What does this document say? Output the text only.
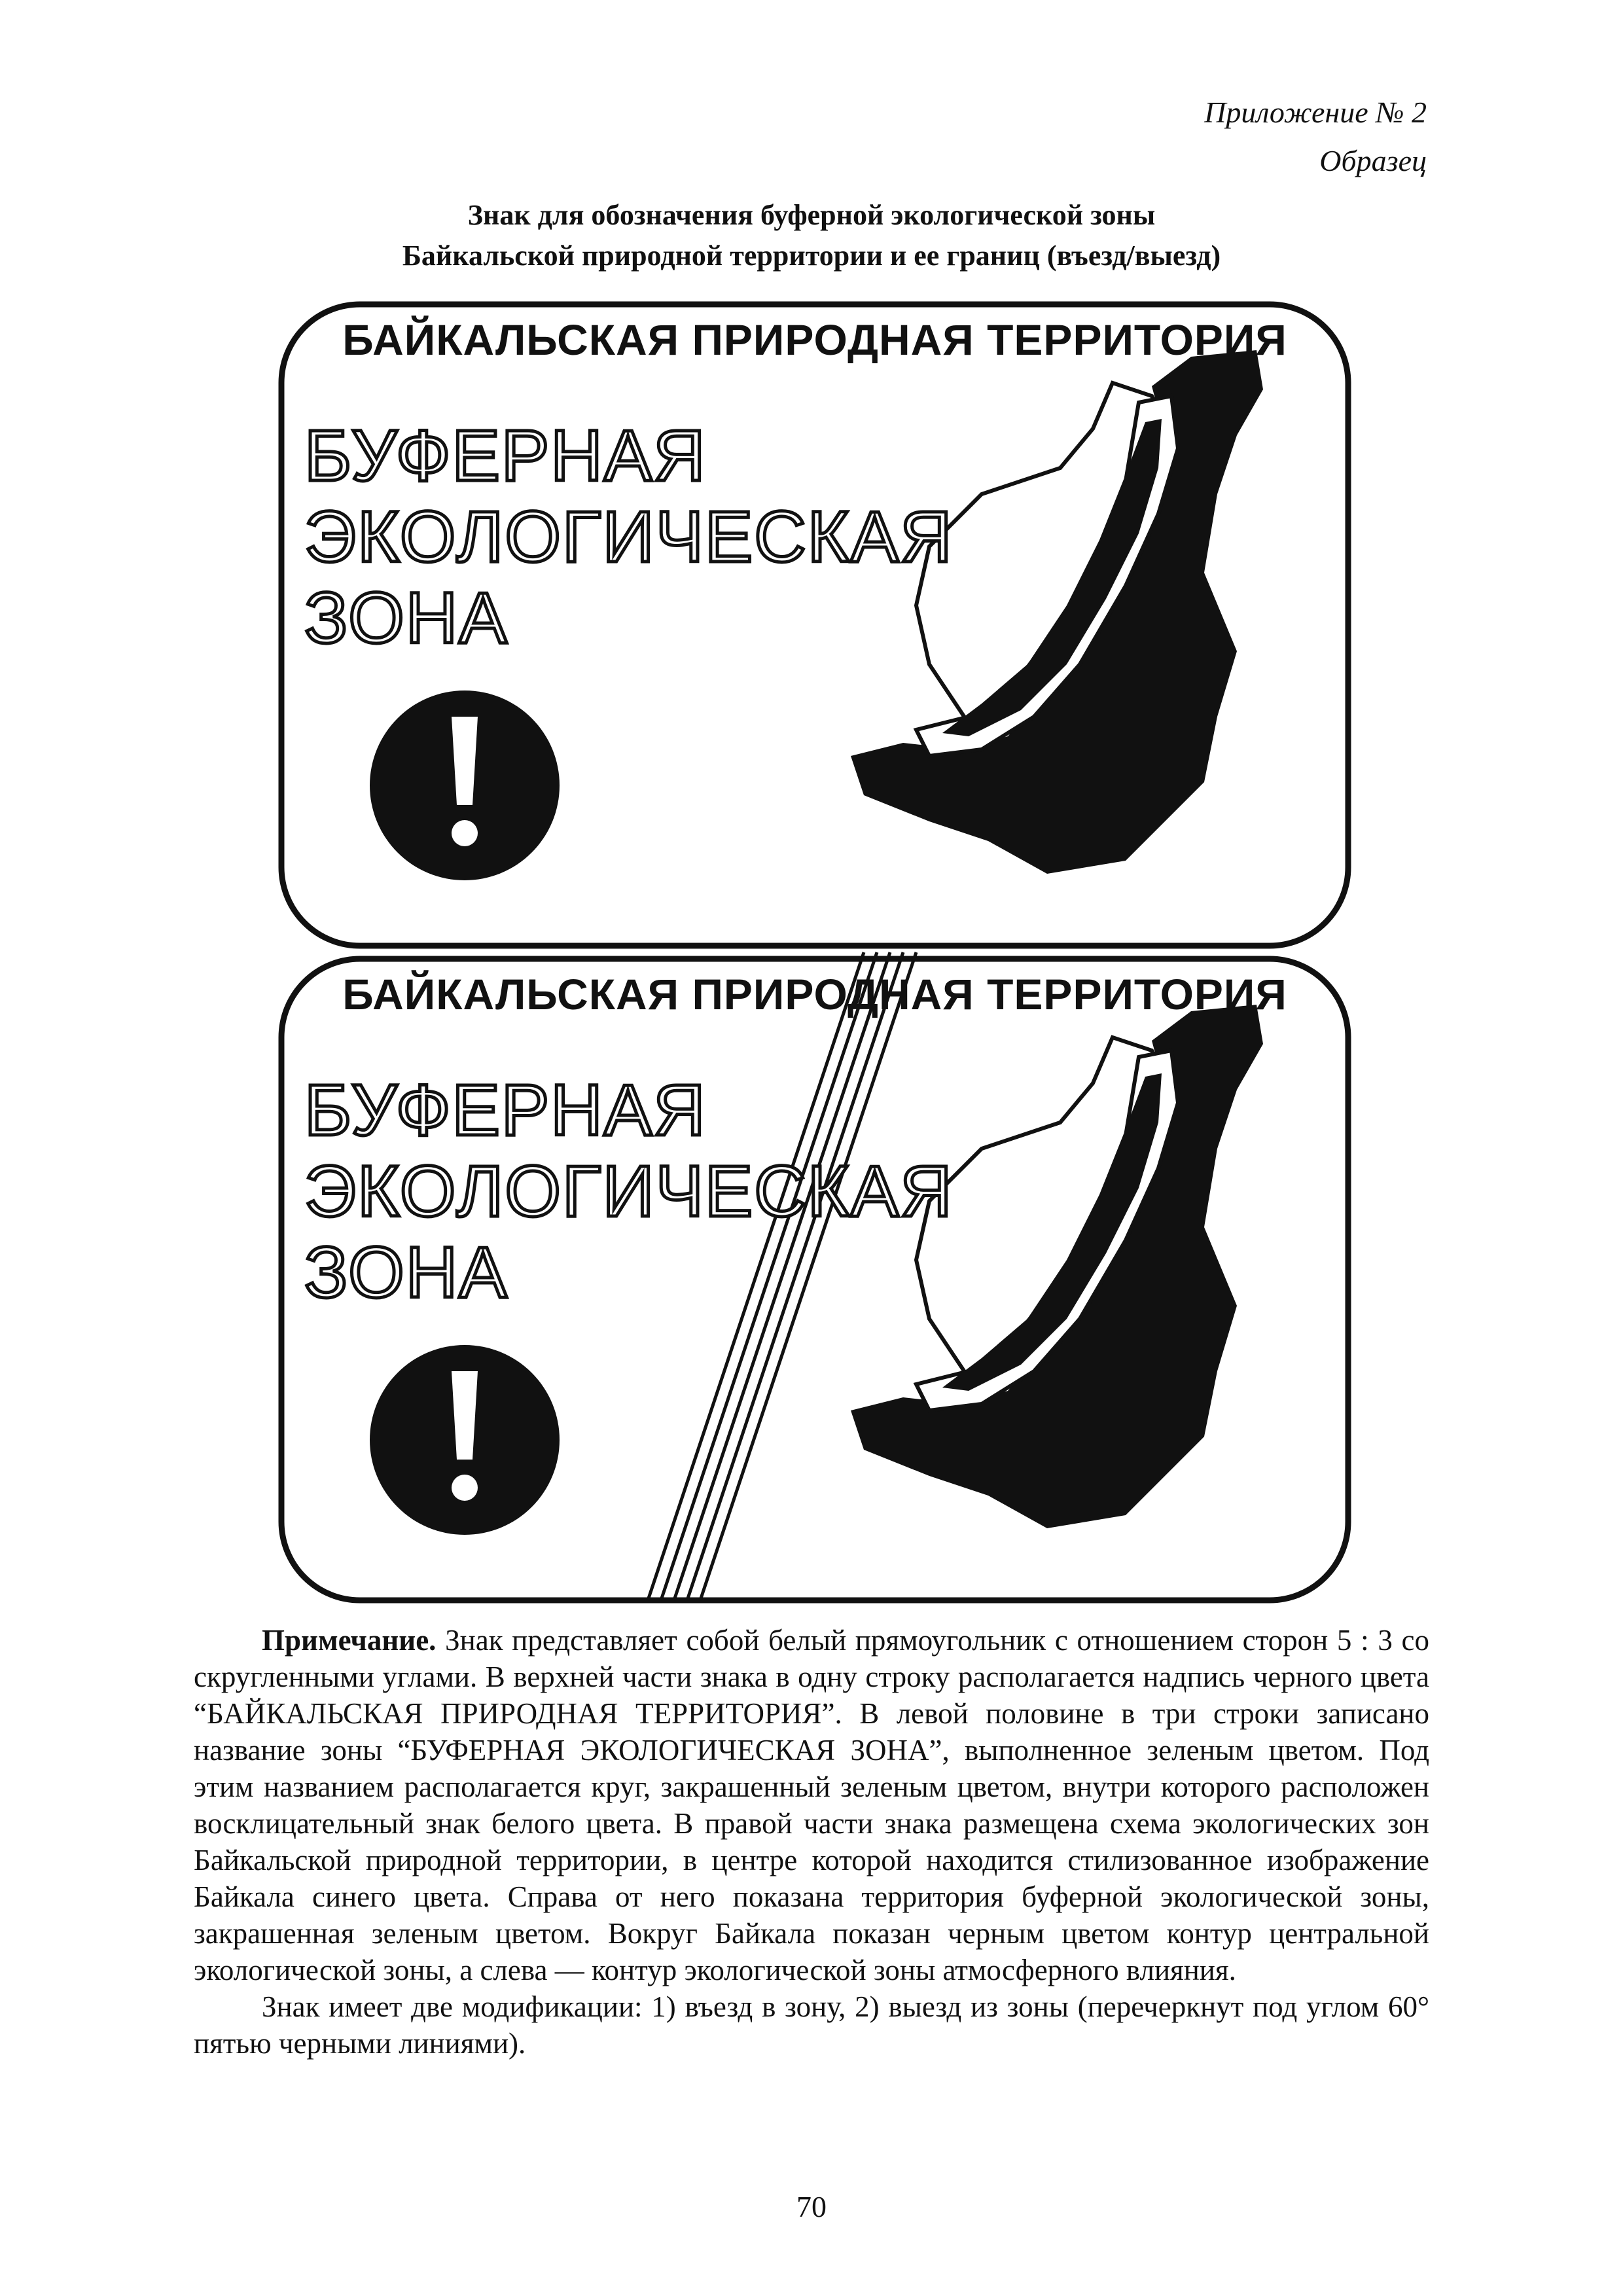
Приложение № 2
Образец
Знак для обозначения буферной экологической зоны
Байкальской природной территории и ее границ (въезд/выезд)
БАЙКАЛЬСКАЯ ПРИРОДНАЯ ТЕРРИТОРИЯ
БУФЕРНАЯ
ЭКОЛОГИЧЕСКАЯ
ЗОНА
БАЙКАЛЬСКАЯ ПРИРОДНАЯ ТЕРРИТОРИЯ
БУФЕРНАЯ
ЭКОЛОГИЧЕСКАЯ
ЗОНА

Примечание. Знак представляет собой белый прямоугольник с отношением сторон 5 : 3 со скругленными углами. В верхней части знака в одну строку располагается надпись черного цвета “БАЙКАЛЬСКАЯ ПРИРОДНАЯ ТЕРРИТОРИЯ”. В левой половине в три строки записано название зоны “БУФЕРНАЯ ЭКОЛОГИЧЕСКАЯ ЗОНА”, выполненное зеленым цветом. Под этим названием располагается круг, закрашенный зеленым цветом, внутри которого расположен восклицательный знак белого цвета. В правой части знака размещена схема экологических зон Байкальской природной территории, в центре которой находится стилизованное изображение Байкала синего цвета. Справа от него показана территория буферной экологической зоны, закрашенная зеленым цветом. Вокруг Байкала показан черным цветом контур центральной экологической зоны, а слева — контур экологической зоны атмосферного влияния.

Знак имеет две модификации: 1) въезд в зону, 2) выезд из зоны (перечеркнут под углом 60° пятью черными линиями).

70
